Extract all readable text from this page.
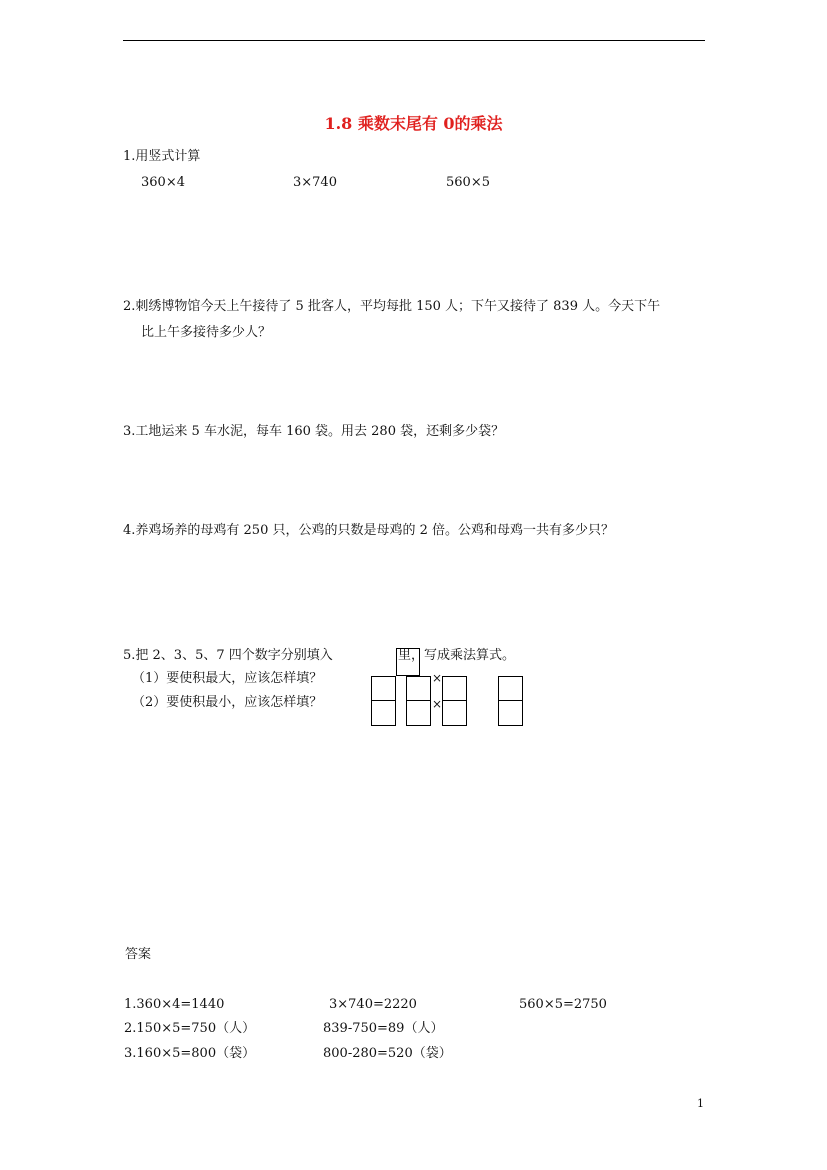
1.8 乘数末尾有 0的乘法
1.用竖式计算
360×4	3×740	560×5
2.刺绣博物馆今天上午接待了 5 批客人，平均每批 150 人；下午又接待了 839 人。今天下午
比上午多接待多少人？
3.工地运来 5 车水泥，每车 160 袋。用去 280 袋，还剩多少袋？
4.养鸡场养的母鸡有 250 只，公鸡的只数是母鸡的 2 倍。公鸡和母鸡一共有多少只？
5.把 2、3、5、7 四个数字分别填入	里，写成乘法算式。
（1）要使积最大，应该怎样填？
（2）要使积最小，应该怎样填？
×
×
答案
1.360×4=1440	3×740=2220	560×5=2750
2.150×5=750（人）	839-750=89（人）
3.160×5=800（袋）	800-280=520（袋）
1
